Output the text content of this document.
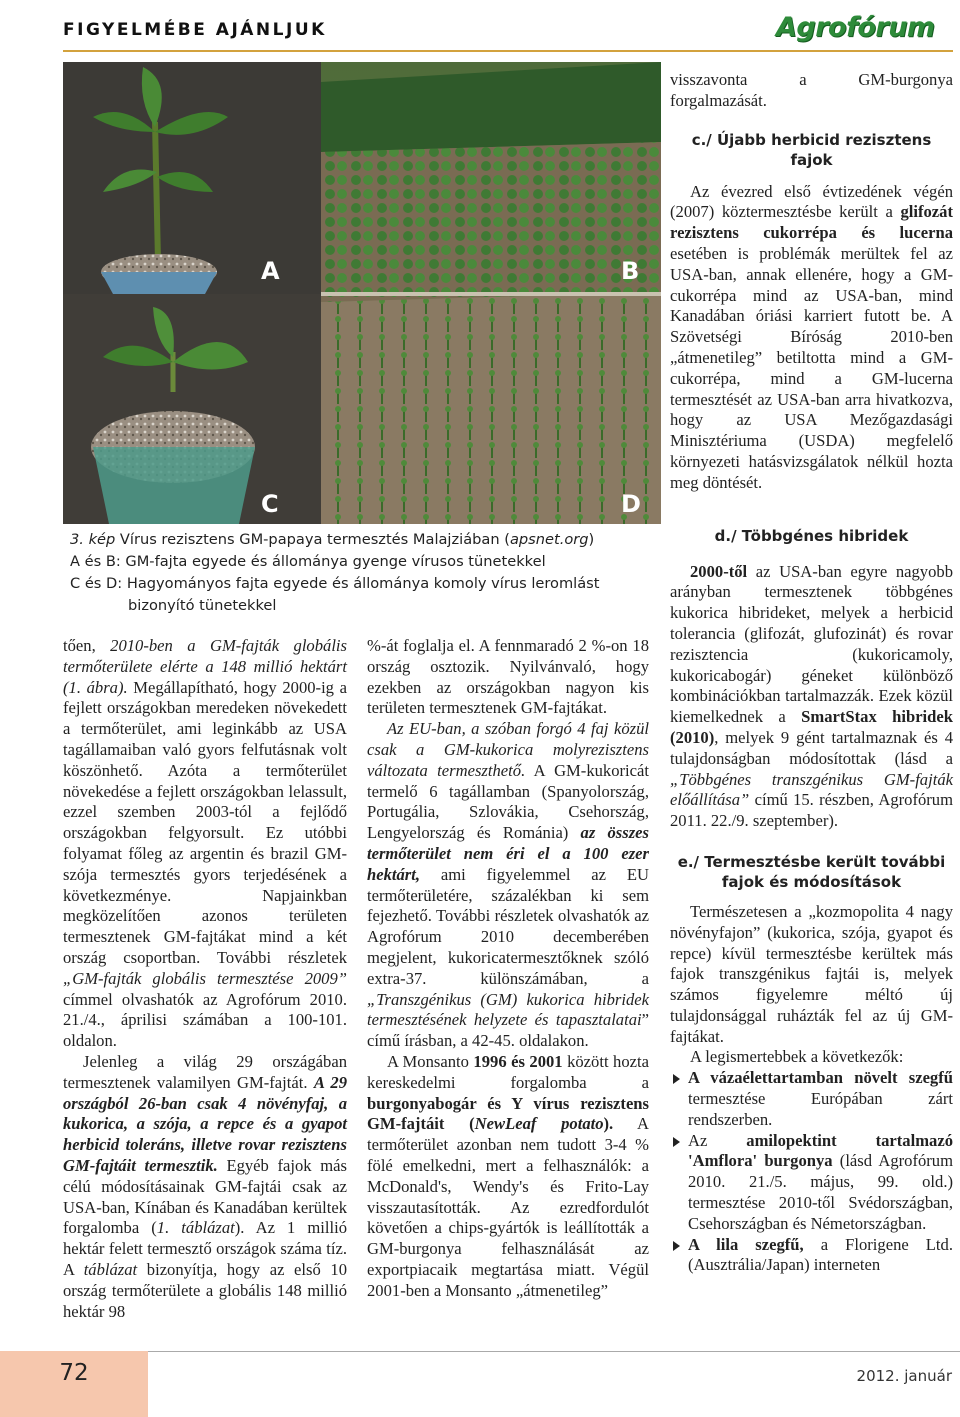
FIGYELMÉBE AJÁNLJUK	Agrofórum
A	B
C	D
3. kép Vírus rezisztens GM-papaya termesztés Malajziában (apsnet.org)
A és B: GM-fajta egyede és állománya gyenge vírusos tünetekkel
C és D: Hagyományos fajta egyede és állománya komoly vírus leromlást
bizonyító tünetekkel

tően, 2010-ben a GM-fajták globális termőterülete elérte a 148 millió hektárt (1. ábra). Megállapítható, hogy 2000-ig a fejlett országokban meredeken növekedett a termőterület, ami leginkább az USA tagállamaiban való gyors felfutásnak volt köszönhető. Azóta a termőterület növekedése a fejlett országokban lelassult, ezzel szemben 2003-tól a fejlődő országokban felgyorsult. Ez utóbbi folyamat főleg az argentin és brazil GM-szója termesztés gyors terjedésének a következménye. Napjainkban megközelítően azonos területen termesztenek GM-fajtákat mind a két ország csoportban. További részletek „GM-fajták globális termesztése 2009” címmel olvashatók az Agrofórum 2010. 21./4., áprilisi számában a 100-101. oldalon.

Jelenleg a világ 29 országában termesztenek valamilyen GM-fajtát. A 29 országból 26-ban csak 4 növényfaj, a kukorica, a szója, a repce és a gyapot herbicid toleráns, illetve rovar rezisztens GM-fajtáit termesztik. Egyéb fajok más célú módosításainak GM-fajtái csak az USA-ban, Kínában és Kanadában kerültek forgalomba (1. táblázat). Az 1 millió hektár felett termesztő országok száma tíz. A táblázat bizonyítja, hogy az első 10 ország termőterülete a globális 148 millió hektár 98

%-át foglalja el. A fennmaradó 2 %-on 18 ország osztozik. Nyilvánvaló, hogy ezekben az országokban nagyon kis területen termesztenek GM-fajtákat.

Az EU-ban, a szóban forgó 4 faj közül csak a GM-kukorica molyrezisztens változata termeszthető. A GM-kukoricát termelő 6 tagállamban (Spanyolország, Portugália, Szlovákia, Csehország, Lengyelország és Románia) az összes termőterület nem éri el a 100 ezer hektárt, ami figyelemmel az EU termőterületére, százalékban ki sem fejezhető. További részletek olvashatók az Agrofórum 2010 decemberében megjelent, kukoricatermesztőknek szóló extra-37. különszámában, a „Transzgénikus (GM) kukorica hibridek termesztésének helyzete és tapasztalatai” című írásban, a 42-45. oldalakon.

A Monsanto 1996 és 2001 között hozta kereskedelmi forgalomba a burgonyabogár és Y vírus rezisztens GM-fajtáit (NewLeaf potato). A termőterület azonban nem tudott 3-4 % fölé emelkedni, mert a felhasználók: a McDonald's, Wendy's és Frito-Lay visszautasították. Az ezredfordulót követően a chips-gyártók is leállították a GM-burgonya felhasználását az exportpiacaik megtartása miatt. Végül 2001-ben a Monsanto „átmenetileg”

visszavonta a GM-burgonya forgalmazását.

c./ Újabb herbicid rezisztens fajok

Az évezred első évtizedének végén (2007) köztermesztésbe került a glifozát rezisztens cukorrépa és lucerna esetében is problémák merültek fel az USA-ban, annak ellenére, hogy a GM-cukorrépa mind az USA-ban, mind Kanadában óriási karriert futott be. A Szövetségi Bíróság 2010-ben „átmenetileg” betiltotta mind a GM-cukorrépa, mind a GM-lucerna termesztését az USA-ban arra hivatkozva, hogy az USA Mezőgazdasági Minisztériuma (USDA) megfelelő környezeti hatásvizsgálatok nélkül hozta meg döntését.

d./ Többgénes hibridek

2000-től az USA-ban egyre nagyobb arányban termesztenek többgénes kukorica hibrideket, melyek a herbicid tolerancia (glifozát, glufozinát) és rovar rezisztencia (kukoricamoly, kukoricabogár) géneket különböző kombinációkban tartalmazzák. Ezek közül kiemelkednek a SmartStax hibridek (2010), melyek 9 gént tartalmaznak és 4 tulajdonságban módosítottak (lásd a „Többgénes transzgénikus GM-fajták előállítása” című 15. részben, Agrofórum 2011. 22./9. szeptember).

e./ Termesztésbe került további fajok és módosítások

Természetesen a „kozmopolita 4 nagy növényfajon” (kukorica, szója, gyapot és repce) kívül termesztésbe kerültek más fajok transzgénikus fajtái is, melyek számos figyelemre méltó új tulajdonsággal ruházták fel az új GM-fajtákat.

A legismertebbek a következők:

A vázaélettartamban növelt szegfű termesztése Európában zárt rendszerben.
Az amilopektint tartalmazó 'Amflora' burgonya (lásd Agrofórum 2010. 21./5. május, 99. old.) termesztése 2010-től Svédországban, Csehországban és Németországban.
A lila szegfű, a Florigene Ltd. (Ausztrália/Japan) interneten
72	2012. január
